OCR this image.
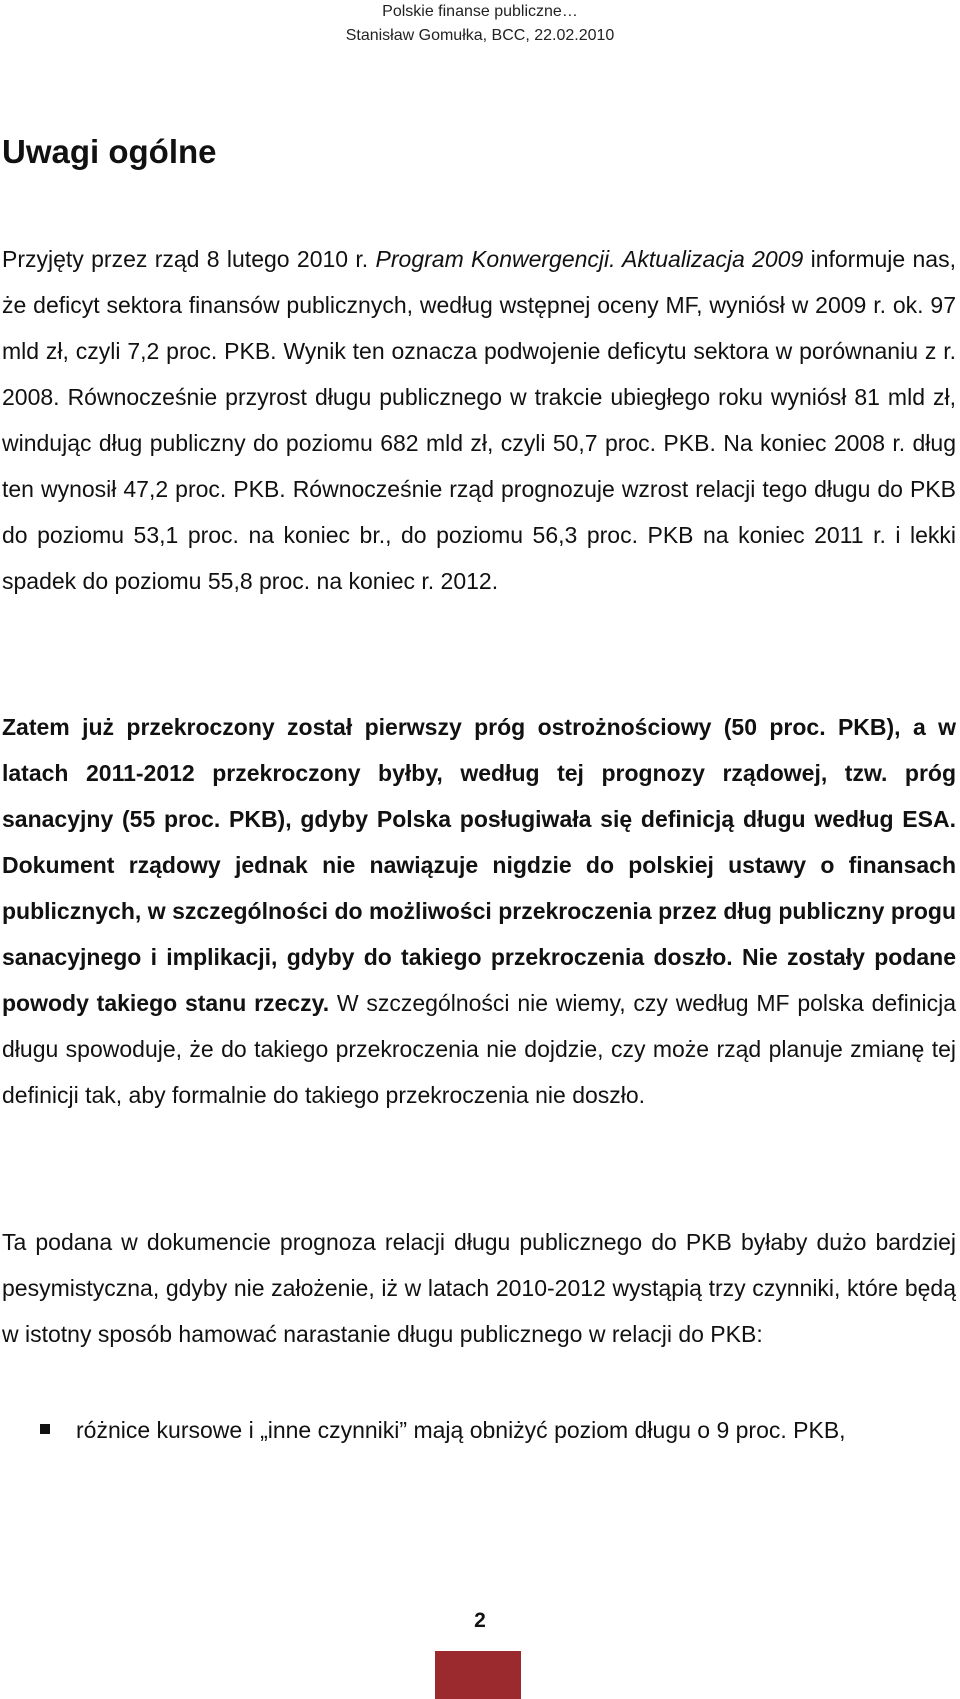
Polskie finanse publiczne…
Stanisław Gomułka, BCC, 22.02.2010
Uwagi ogólne

Przyjęty przez rząd 8 lutego 2010 r. Program Konwergencji. Aktualizacja 2009 informuje nas, że deficyt sektora finansów publicznych, według wstępnej oceny MF, wyniósł w 2009 r. ok. 97 mld zł, czyli 7,2 proc. PKB. Wynik ten oznacza podwojenie deficytu sektora w porównaniu z r. 2008. Równocześnie przyrost długu publicznego w trakcie ubiegłego roku wyniósł 81 mld zł, windując dług publiczny do poziomu 682 mld zł, czyli 50,7 proc. PKB. Na koniec 2008 r. dług ten wynosił 47,2 proc. PKB. Równocześnie rząd prognozuje wzrost relacji tego długu do PKB do poziomu 53,1 proc. na koniec br., do poziomu 56,3 proc. PKB na koniec 2011 r. i lekki spadek do poziomu 55,8 proc. na koniec r. 2012.

Zatem już przekroczony został pierwszy próg ostrożnościowy (50 proc. PKB), a w latach 2011-2012 przekroczony byłby, według tej prognozy rządowej, tzw. próg sanacyjny (55 proc. PKB), gdyby Polska posługiwała się definicją długu według ESA. Dokument rządowy jednak nie nawiązuje nigdzie do polskiej ustawy o finansach publicznych, w szczególności do możliwości przekroczenia przez dług publiczny progu sanacyjnego i implikacji, gdyby do takiego przekroczenia doszło. Nie zostały podane powody takiego stanu rzeczy. W szczególności nie wiemy, czy według MF polska definicja długu spowoduje, że do takiego przekroczenia nie dojdzie, czy może rząd planuje zmianę tej definicji tak, aby formalnie do takiego przekroczenia nie doszło.

Ta podana w dokumencie prognoza relacji długu publicznego do PKB byłaby dużo bardziej pesymistyczna, gdyby nie założenie, iż w latach 2010-2012 wystąpią trzy czynniki, które będą w istotny sposób hamować narastanie długu publicznego w relacji do PKB:

różnice kursowe i „inne czynniki” mają obniżyć poziom długu o 9 proc. PKB,
2
